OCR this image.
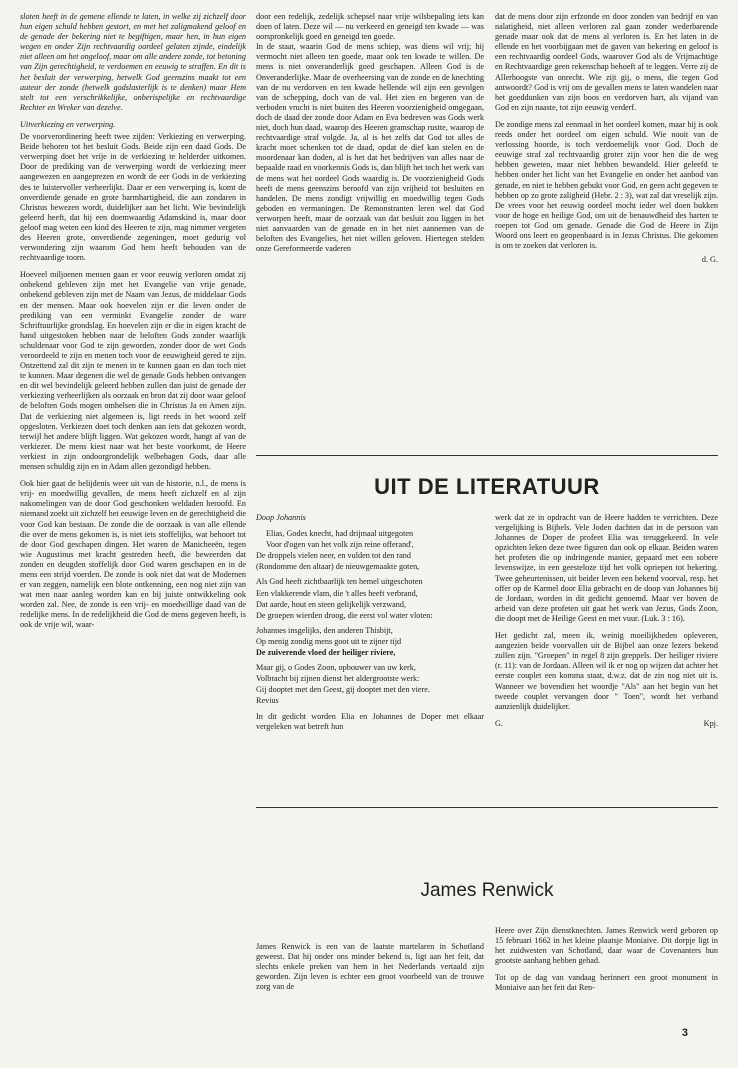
sloten heeft in de gemene ellende te laten, in welke zij zichzelf door hun eigen schuld hebben gestort, en met het zaligmakend geloof en de genade der bekering niet te begiftigen, maar hen, in hun eigen wegen en onder Zijn rechtvaardig oordeel gelaten zijnde, eindelijk niet alleen om het ongeloof, maar om alle andere zonde, tot betoning van Zijn gerechtigheid, te verdoemen en eeuwig te straffen. En dit is het besluit der verwerping, hetwelk God geenszins maakt tot een auteur der zonde (hetwelk godslasterlijk is te denken) maar Hem stelt tot een verschrikkelijke, onberispelijke en rechtvaardige Rechter en Wreker van dezelve.

Uitverkiezing en verwerping.

De voorverordinering heeft twee zijden: Verkiezing en verwerping. Beide behoren tot het besluit Gods. Beide zijn een daad Gods. De verwerping doet het vrije in de verkiezing te helderder uitkomen. Door de prediking van de verwerping wordt de verkiezing meer aangewezen en aangeprezen en wordt de eer Gods in de verkiezing des te luistervoller verheerlijkt. Daar er een verwerping is, komt de onverdiende genade en grote barmhartigheid, die aan zondaren in Christus bewezen wordt, duidelijker aan het licht. Wie bevindelijk geleerd heeft, dat hij een doemwaardig Adamskind is, maar door geloof mag weten een kind des Heeren te zijn, mag nimmer vergeten des Heeren grote, onverdiende zegeningen, moet gedurig vol verwondering zijn waarom God hem heeft behouden van de rechtvaardige toorn.

Hoeveel miljoenen mensen gaan er voor eeuwig verloren omdat zij onbekend gebleven zijn met het Evangelie van vrije genade, onbekend gebleven zijn met de Naam van Jezus, de middelaar Gods en der mensen. Maar ook hoevelen zijn er die leven onder de prediking van een verminkt Evangelie zonder de ware Schriftuurlijke grondslag. En hoevelen zijn er die in eigen kracht de hand uitgestoken hebben naar de beloften Gods zonder waarlijk schuldenaar voor God te zijn geworden, zonder door de wet Gods veroordeeld te zijn en menen toch voor de eeuwigheid gered te zijn. Ontzettend zal dit zijn te menen in te kunnen gaan en dan toch niet te kunnen. Maar degenen die wel de genade Gods hebben ontvangen en dit wel bevindelijk geleerd hebben zullen dan juist de genade der verkiezing verheerlijken als oorzaak en bron dat zij door waar geloof de beloften Gods mogen omhelsen die in Christus Ja en Amen zijn. Dat de verkiezing niet algemeen is, ligt reeds in het woord zelf opgesloten. Verkiezen doet toch denken aan iets dat gekozen wordt, terwijl het andere blijft liggen. Wat gekozen wordt, hangt af van de verkiezer. De mens kiest naar wat het beste voorkomt, de Heere verkiest in zijn ondoorgrondelijk welbehagen Gods, daar alle mensen schuldig zijn en in Adam allen gezondigd hebben.

Ook hier gaat de belijdenis weer uit van de historie, n.l., de mens is vrij- en moedwillig gevallen, de mens heeft zichzelf en al zijn nakomelingen van de door God geschonken weldaden beroofd. En niemand zoekt uit zichzelf het eeuwige leven en de gerechtigheid die voor God kan bestaan. De zonde die de oorzaak is van alle ellende die over de mens gekomen is, is niet iets stoffelijks, wat behoort tot de door God geschapen dingen. Het waren de Manicheeën, tegen wie Augustinus met kracht gestreden heeft, die beweerden dat zonden en deugden stoffelijk door God waren geschapen en in de mens een strijd voerden. De zonde is ook niet dat wat de Modernen er van zeggen, namelijk een blote ontkenning, een nog niet zijn van wat men naar aanleg worden kan en bij juiste ontwikkeling ook worden zal. Nee, de zonde is een vrij- en moedwillige daad van de redelijke mens. In de redelijkheid die God de mens gegeven heeft, is ook de vrije wil, waar-

door een redelijk, zedelijk schepsel naar vrije wilsbepaling iets kan doen of laten. Deze wil — nu verkeerd en geneigd ten kwade — was oorspronkelijk goed en geneigd ten goede.

In de staat, waarin God de mens schiep, was diens wil vrij; hij vermocht niet alleen ten goede, maar ook ten kwade te willen. De mens is niet onveranderlijk goed geschapen. Alleen God is de Onveranderlijke. Maar de overheersing van de zonde en de knechting van de nu verdorven en ten kwade hellende wil zijn een gevolgen van de schepping, doch van de val. Het zien en begeren van de verboden vrucht is niet buiten des Heeren voorzienigheid omgegaan, doch de daad der zonde door Adam en Eva bedreven was Gods werk niet, doch hun daad, waarop des Heeren gramschap rustte, waarop de rechtvaardige straf volgde. Ja, al is het zelfs dat God tot alles de kracht moet schenken tot de daad, opdat de dief kan stelen en de moordenaar kan doden, al is het dat het bedrijven van alles naar de bepaalde raad en voorkennis Gods is, dan blijft het toch het werk van de mens wat het oordeel Gods waardig is. De voorzienigheid Gods heeft de mens geenszins beroofd van zijn vrijheid tot besluiten en handelen. De mens zondigt vrijwillig en moedwillig tegen Gods geboden en vermaningen. De Remonstranten leren wel dat God verworpen heeft, maar de oorzaak van dat besluit zou liggen in het niet aanvaarden van de genade en in het niet aannemen van de beloften des Evangelies, het niet willen geloven. Hiertegen stelden onze Gereformeerde vaderen

dat de mens door zijn erfzonde en door zonden van bedrijf en van nalatigheid, niet alleen verloren zal gaan zonder wederbarende genade maar ook dat de mens al verloren is. En het laten in de ellende en het voorbijgaan met de gaven van bekering en geloof is een rechtvaardig oordeel Gods, waarover God als de Vrijmachtige en Rechtvaardige geen rekenschap behoeft af te leggen. Verre zij de Allerhoogste van onrecht. Wie zijt gij, o mens, die tegen God antwoordt? God is vrij om de gevallen mens te laten wandelen naar het goeddunken van zijn boos en verdorven hart, als vijand van God en zijn naaste, tot zijn eeuwig verderf.

De zondige mens zal eenmaal in het oordeel komen, maar hij is ook reeds onder het oordeel om eigen schuld. Wie nooit van de verlossing hoorde, is toch verdoemelijk voor God. Doch de eeuwige straf zal rechtvaardig groter zijn voor hen die de weg hebben geweten, maar niet hebben bewandeld. Hier geleefd te hebben onder het licht van het Evangelie en onder het aanbod van genade, en niet te hebben gebukt voor God, en geen acht gegeven te hebben op zo grote zaligheid (Hebr. 2 : 3), wat zal dat vreselijk zijn. De vrees voor het eeuwig oordeel mocht ieder wel doen bukken voor de hoge en heilige God, om uit de benauwdheid des harten te roepen tot God om genade. Genade die God de Heere in Zijn Woord ons leert en geopenbaard is in Jezus Christus. Die gekomen is om te zoeken dat verloren is.

d. G.

UIT DE LITERATUUR

Doop Johannis

Elias, Godes knecht, had drijmaal uitgegoten
Voor d'ogen van het volk zijn reine offerand',
De droppels vielen neer, en vulden tot den rand
(Rondomme den altaar) de nieuwgemaakte goten,
Als God heeft zichtbaarlijk ten hemel uitgeschoten
Een vlakkerende vlam, die 't alles heeft verbrand,
Dat aarde, hout en steen gelijkelijk verzwand,
De groepen wierden droog, die eerst vol water vloten:
Johannes insgelijks, den anderen Thisbijt,
Op menig zondig mens goot uit te zijner tijd
De zuiverende vloed der heiliger riviere,
Maar gij, o Godes Zoon, opbouwer van uw kerk,
Volbracht bij zijnen dienst het aldergrootste werk:
Gij dooptet met den Geest, gij dooptet met den viere.

Revius

In dit gedicht worden Elia en Johannes de Doper met elkaar vergeleken wat betreft hun

werk dat ze in opdracht van de Heere hadden te verrichten. Deze vergelijking is Bijbels. Vele Joden dachten dat in de persoon van Johannes de Doper de profeet Elia was teruggekeerd. In vele opzichten leken deze twee figuren dan ook op elkaar. Beiden waren het profeten die op indringende manier, gepaard met een sobere levenswijze, in een geesteloze tijd het volk opriepen tot bekering. Twee geheurtenissen, uit beider leven een bekend voorval, resp. het offer op de Karmel door Elia gebracht en de doop van Johannes bij de Jordaan, worden in dit gedicht genoemd. Maar ver boven de arbeid van deze profeten uit gaat het werk van Jezus, Gods Zoon, die doopt met de Heilige Geest en met vuur. (Luk. 3 : 16).

Het gedicht zal, meen ik, weinig moeilijkheden opleveren, aangezien beide voorvallen uit de Bijbel aan onze lezers bekend zullen zijn. "Groepen" in regel 8 zijn greppels. Der heiliger riviere (r. 11): van de Jordaan. Alleen wil ik er nog op wijzen dat achter het eerste couplet een komma staat, d.w.z. dat de zin nog niet uit is. Wanneer we bovendien het woordje "Als" aan het begin van het tweede couplet vervangen door " Toen", wordt het verband aanzienlijk duidelijker.

G.	Kpj.
James Renwick

James Renwick is een van de laatste martelaren in Schotland geweest. Dat hij onder ons minder bekend is, ligt aan het feit, dat slechts enkele preken van hem in het Nederlands vertaald zijn geworden. Zijn leven is echter een groot voorbeeld van de trouwe zorg van de

Heere over Zijn dienstknechten. James Renwick werd geboren op 15 februari 1662 in het kleine plaatsje Moniaive. Dit dorpje ligt in het zuidwesten van Schotland, daar waar de Covenanters hun grootste aanhang hebben gehad.

Tot op de dag van vandaag herinnert een groot monument in Moniaive aan het feit dat Ren-

3
